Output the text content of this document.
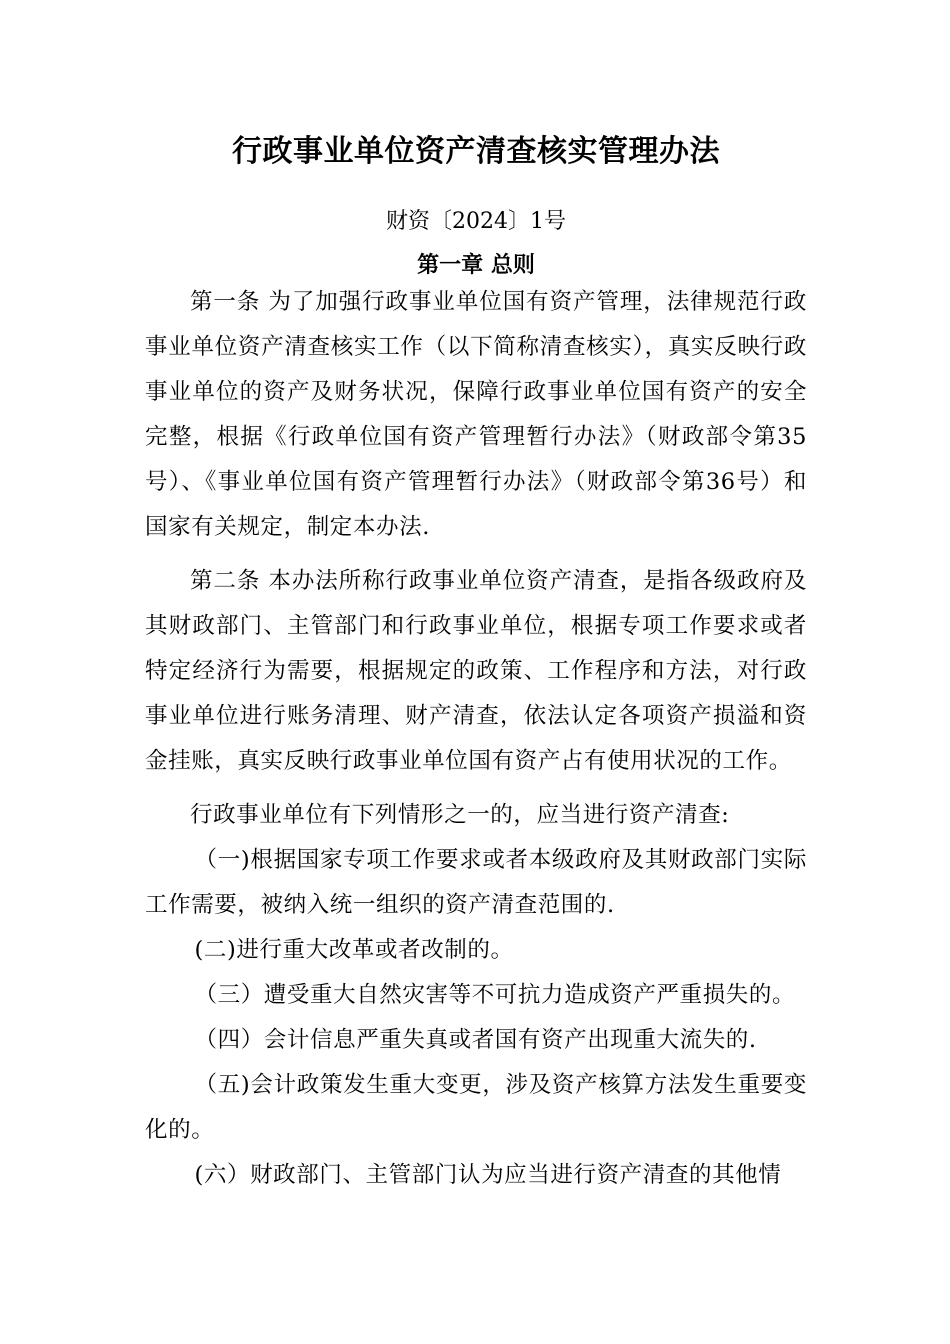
行政事业单位资产清查核实管理办法
财资〔2024〕1号
第一章 总则

第一条 为了加强行政事业单位国有资产管理，法律规范行政事业单位资产清查核实工作（以下简称清查核实），真实反映行政事业单位的资产及财务状况，保障行政事业单位国有资产的安全完整，根据《行政单位国有资产管理暂行办法》（财政部令第35号）、《事业单位国有资产管理暂行办法》（财政部令第36号）和国家有关规定，制定本办法.

第二条 本办法所称行政事业单位资产清查，是指各级政府及其财政部门、主管部门和行政事业单位，根据专项工作要求或者特定经济行为需要，根据规定的政策、工作程序和方法，对行政事业单位进行账务清理、财产清查，依法认定各项资产损溢和资金挂账，真实反映行政事业单位国有资产占有使用状况的工作。

行政事业单位有下列情形之一的，应当进行资产清查:

（一)根据国家专项工作要求或者本级政府及其财政部门实际工作需要，被纳入统一组织的资产清查范围的.

(二)进行重大改革或者改制的。

（三）遭受重大自然灾害等不可抗力造成资产严重损失的。

（四）会计信息严重失真或者国有资产出现重大流失的.

（五)会计政策发生重大变更，涉及资产核算方法发生重要变化的。

(六）财政部门、主管部门认为应当进行资产清查的其他情
